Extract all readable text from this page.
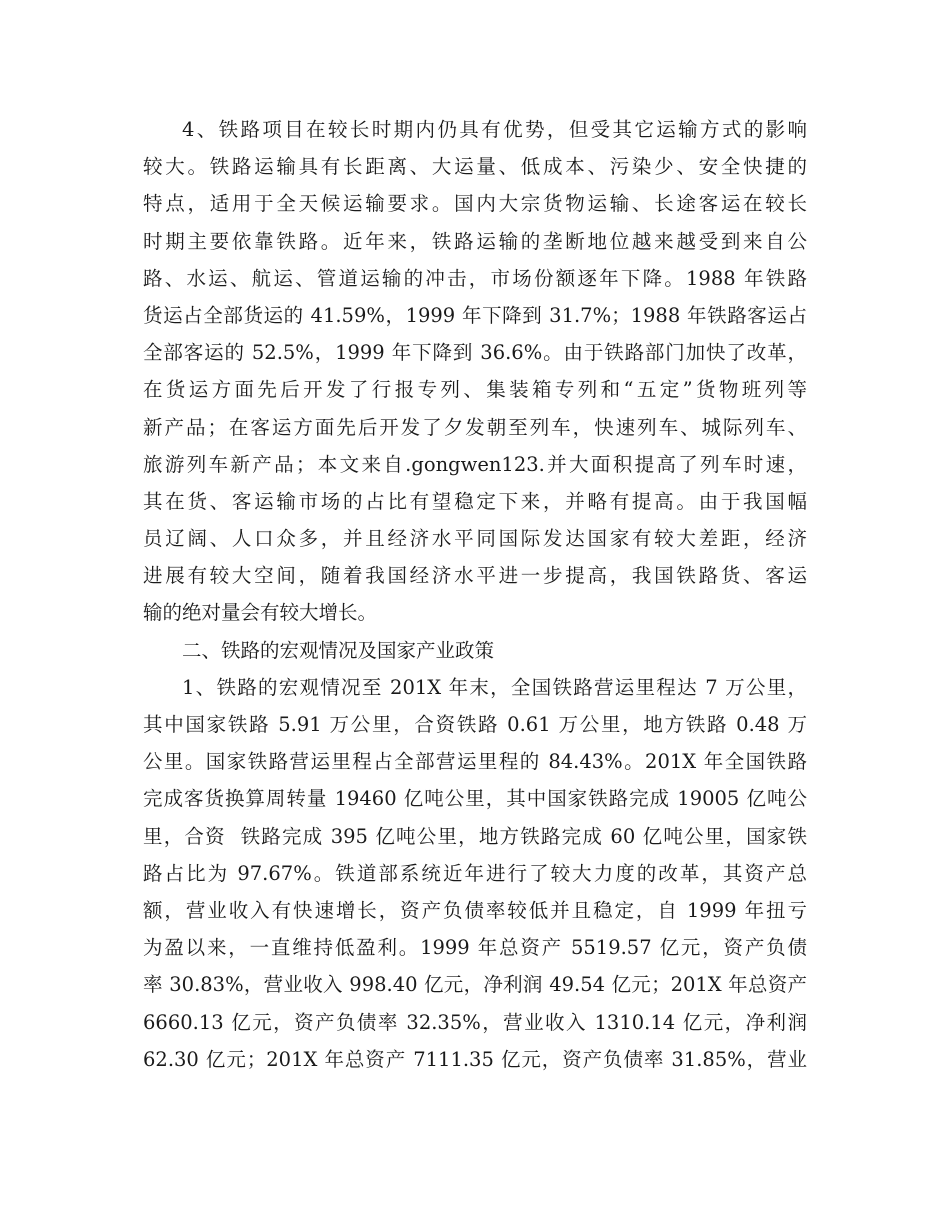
4、铁路项目在较长时期内仍具有优势，但受其它运输方式的影响
较大。铁路运输具有长距离、大运量、低成本、污染少、安全快捷的
特点，适用于全天候运输要求。国内大宗货物运输、长途客运在较长
时期主要依靠铁路。近年来，铁路运输的垄断地位越来越受到来自公
路、水运、航运、管道运输的冲击，市场份额逐年下降。1988 年铁路
货运占全部货运的 41.59%，1999 年下降到 31.7%；1988 年铁路客运占
全部客运的 52.5%，1999 年下降到 36.6%。由于铁路部门加快了改革，
在货运方面先后开发了行报专列、集装箱专列和“五定”货物班列等
新产品；在客运方面先后开发了夕发朝至列车，快速列车、城际列车、
旅游列车新产品；本文来自.gongwen123.并大面积提高了列车时速，
其在货、客运输市场的占比有望稳定下来，并略有提高。由于我国幅
员辽阔、人口众多，并且经济水平同国际发达国家有较大差距，经济
进展有较大空间，随着我国经济水平进一步提高，我国铁路货、客运
输的绝对量会有较大增长。
二、铁路的宏观情况及国家产业政策
1、铁路的宏观情况至 201X 年末，全国铁路营运里程达 7 万公里，
其中国家铁路 5.91 万公里，合资铁路 0.61 万公里，地方铁路 0.48 万
公里。国家铁路营运里程占全部营运里程的 84.43%。201X 年全国铁路
完成客货换算周转量 19460 亿吨公里，其中国家铁路完成 19005 亿吨公
里，合资  铁路完成 395 亿吨公里，地方铁路完成 60 亿吨公里，国家铁
路占比为 97.67%。铁道部系统近年进行了较大力度的改革，其资产总
额，营业收入有快速增长，资产负债率较低并且稳定，自 1999 年扭亏
为盈以来，一直维持低盈利。1999 年总资产 5519.57 亿元，资产负债
率 30.83%，营业收入 998.40 亿元，净利润 49.54 亿元；201X 年总资产
6660.13 亿元，资产负债率 32.35%，营业收入 1310.14 亿元，净利润
62.30 亿元；201X 年总资产 7111.35 亿元，资产负债率 31.85%，营业
